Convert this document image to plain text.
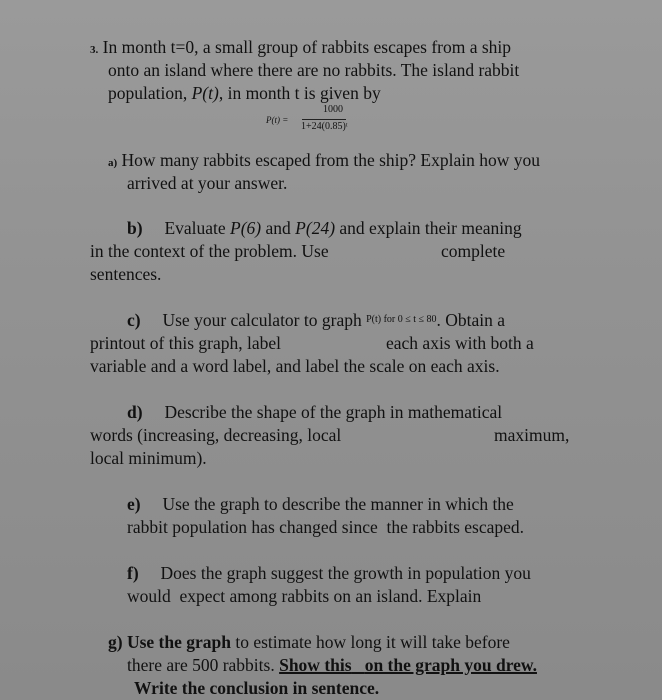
3. In month t=0, a small group of rabbits escapes from a ship
onto an island where there are no rabbits. The island rabbit
population, P(t), in month t is given by
P(t) =
1000
1+24(0.85)ᵗ
a) How many rabbits escaped from the ship? Explain how you
arrived at your answer.
b) Evaluate P(6) and P(24) and explain their meaning
in the context of the problem. Use	complete
sentences.
c) Use your calculator to graph $^{P(t) for 0 \le t \le 80}$. Obtain a
printout of this graph, label	each axis with both a
variable and a word label, and label the scale on each axis.
d) Describe the shape of the graph in mathematical
words (increasing, decreasing, local	maximum,
local minimum).
e) Use the graph to describe the manner in which the
rabbit population has changed since  the rabbits escaped.
f) Does the graph suggest the growth in population you
would  expect among rabbits on an island. Explain
g) Use the graph to estimate how long it will take before
there are 500 rabbits. Show this on the graph you drew.
Write the conclusion in sentence.
